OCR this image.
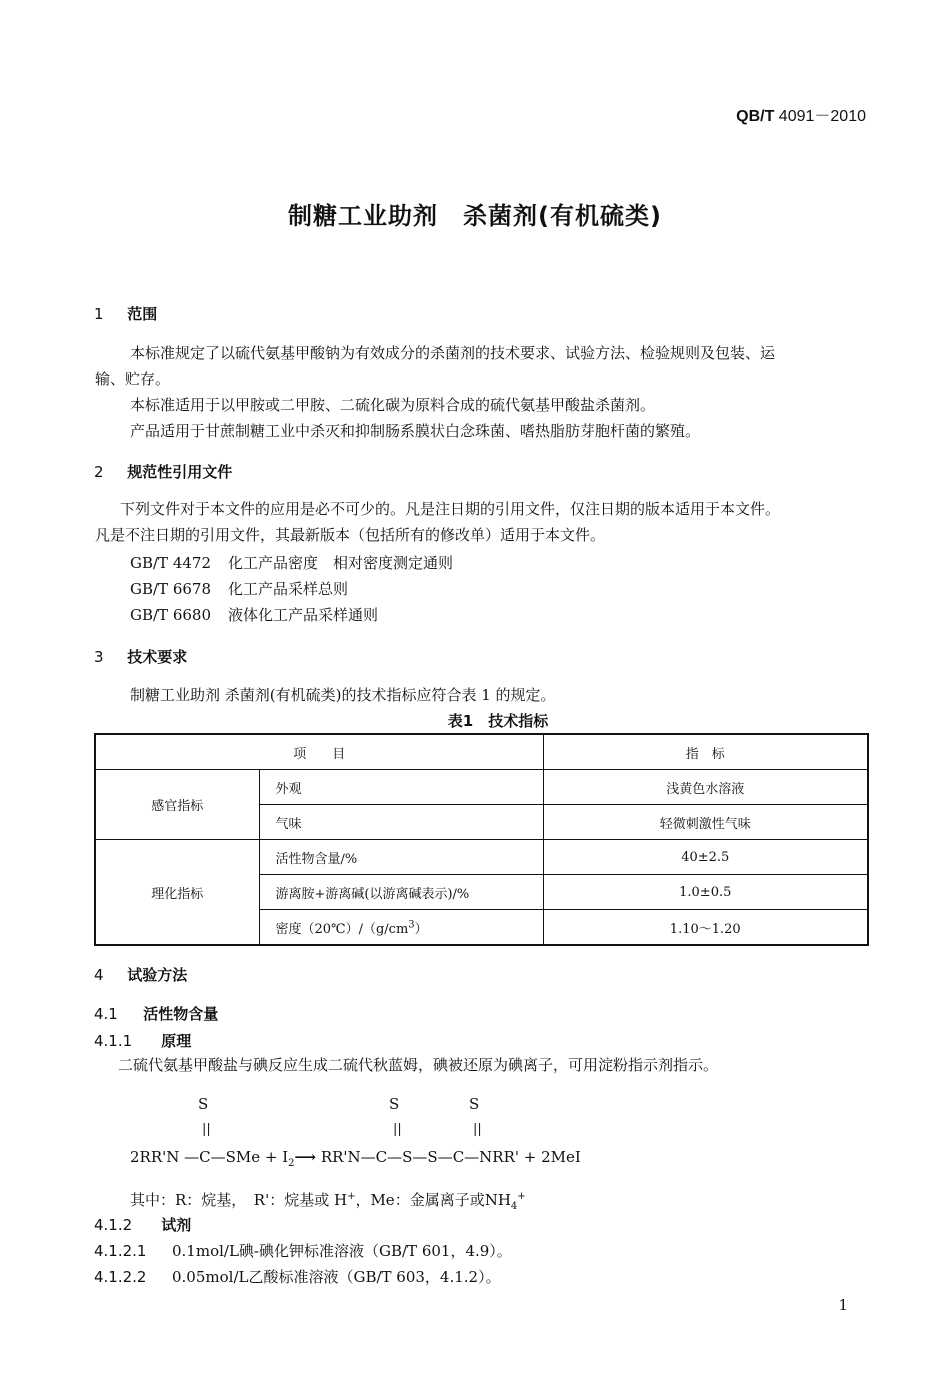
QB/T 4091－2010
制糖工业助剂　杀菌剂(有机硫类)
1 范围
本标准规定了以硫代氨基甲酸钠为有效成分的杀菌剂的技术要求、试验方法、检验规则及包装、运
输、贮存。
本标准适用于以甲胺或二甲胺、二硫化碳为原料合成的硫代氨基甲酸盐杀菌剂。
产品适用于甘蔗制糖工业中杀灭和抑制肠系膜状白念珠菌、嗜热脂肪芽胞杆菌的繁殖。
2 规范性引用文件
下列文件对于本文件的应用是必不可少的。凡是注日期的引用文件，仅注日期的版本适用于本文件。
凡是不注日期的引用文件，其最新版本（包括所有的修改单）适用于本文件。
GB/T 4472 化工产品密度　相对密度测定通则
GB/T 6678 化工产品采样总则
GB/T 6680 液体化工产品采样通则
3 技术要求
制糖工业助剂 杀菌剂(有机硫类)的技术指标应符合表 1 的规定。
表1　技术指标
项　　目		指　标
感官指标	外观	浅黄色水溶液
	气味	轻微刺激性气味
理化指标	活性物含量/%	40±2.5
	游离胺+游离碱(以游离碱表示)/%	1.0±0.5
	密度$(20℃)/(g/cm^3)$	1.10～1.20
4 试验方法
4.1 活性物含量
4.1.1 原理
二硫代氨基甲酸盐与碘反应生成二硫代秋蓝姆，碘被还原为碘离子，可用淀粉指示剂指示。
S	S	S
||	||	||
2RR'N —C—SMe + $I_2⟶$ RR'N—C—S—S—C—NRR' + 2MeI
其中：R：烷基，　R'：烷基或 H+，Me：金属离子或$NH_4^+$
4.1.2 试剂
4.1.2.1 0.1mol/L碘-碘化钾标准溶液（GB/T 601，4.9）。
4.1.2.2 0.05mol/L乙酸标准溶液（GB/T 603，4.1.2）。
1
